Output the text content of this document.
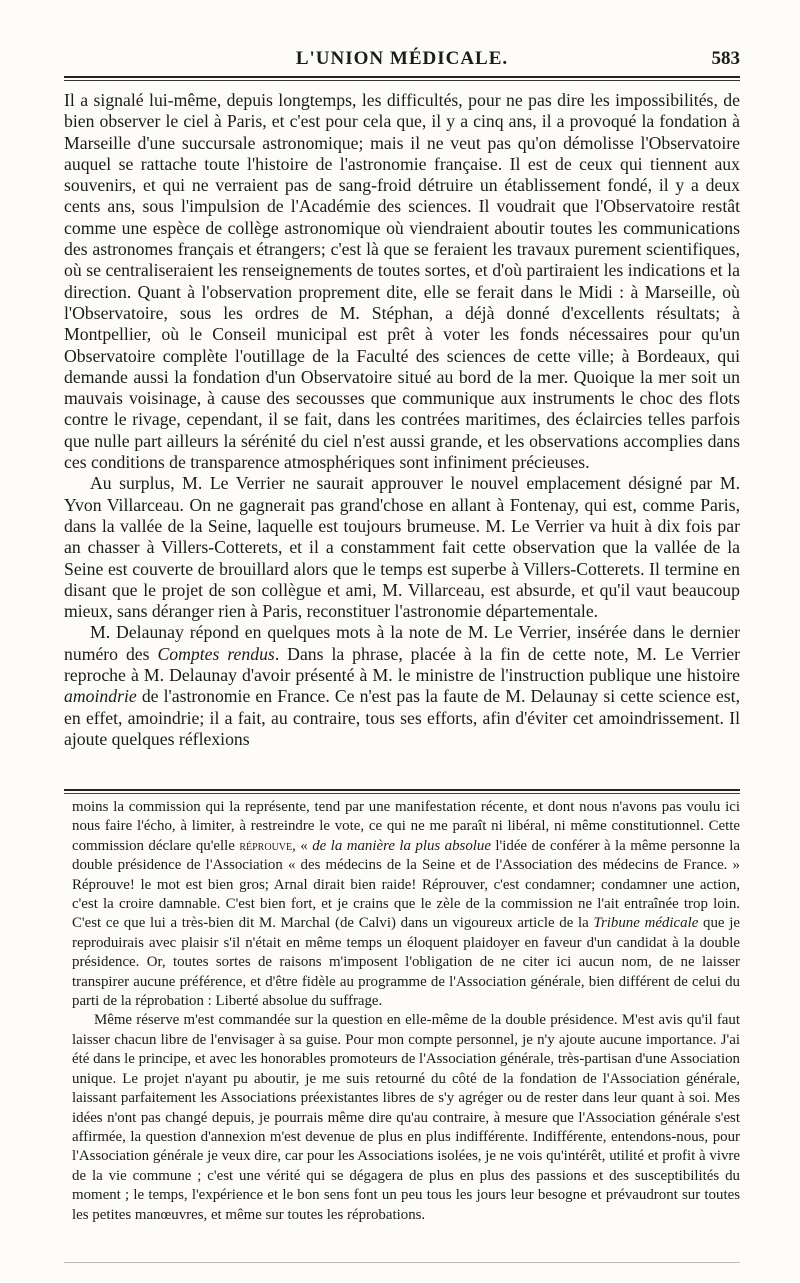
L'UNION MÉDICALE.	583

Il a signalé lui-même, depuis longtemps, les difficultés, pour ne pas dire les impossibilités, de bien observer le ciel à Paris, et c'est pour cela que, il y a cinq ans, il a provoqué la fondation à Marseille d'une succursale astronomique; mais il ne veut pas qu'on démolisse l'Observatoire auquel se rattache toute l'histoire de l'astronomie française. Il est de ceux qui tiennent aux souvenirs, et qui ne verraient pas de sang-froid détruire un établissement fondé, il y a deux cents ans, sous l'impulsion de l'Académie des sciences. Il voudrait que l'Observatoire restât comme une espèce de collège astronomique où viendraient aboutir toutes les communications des astronomes français et étrangers; c'est là que se feraient les travaux purement scientifiques, où se centraliseraient les renseignements de toutes sortes, et d'où partiraient les indications et la direction. Quant à l'observation proprement dite, elle se ferait dans le Midi : à Marseille, où l'Observatoire, sous les ordres de M. Stéphan, a déjà donné d'excellents résultats; à Montpellier, où le Conseil municipal est prêt à voter les fonds nécessaires pour qu'un Observatoire complète l'outillage de la Faculté des sciences de cette ville; à Bordeaux, qui demande aussi la fondation d'un Observatoire situé au bord de la mer. Quoique la mer soit un mauvais voisinage, à cause des secousses que communique aux instruments le choc des flots contre le rivage, cependant, il se fait, dans les contrées maritimes, des éclaircies telles parfois que nulle part ailleurs la sérénité du ciel n'est aussi grande, et les observations accomplies dans ces conditions de transparence atmosphériques sont infiniment précieuses.

Au surplus, M. Le Verrier ne saurait approuver le nouvel emplacement désigné par M. Yvon Villarceau. On ne gagnerait pas grand'chose en allant à Fontenay, qui est, comme Paris, dans la vallée de la Seine, laquelle est toujours brumeuse. M. Le Verrier va huit à dix fois par an chasser à Villers-Cotterets, et il a constamment fait cette observation que la vallée de la Seine est couverte de brouillard alors que le temps est superbe à Villers-Cotterets. Il termine en disant que le projet de son collègue et ami, M. Villarceau, est absurde, et qu'il vaut beaucoup mieux, sans déranger rien à Paris, reconstituer l'astronomie départementale.

M. Delaunay répond en quelques mots à la note de M. Le Verrier, insérée dans le dernier numéro des Comptes rendus. Dans la phrase, placée à la fin de cette note, M. Le Verrier reproche à M. Delaunay d'avoir présenté à M. le ministre de l'instruction publique une histoire amoindrie de l'astronomie en France. Ce n'est pas la faute de M. Delaunay si cette science est, en effet, amoindrie; il a fait, au contraire, tous ses efforts, afin d'éviter cet amoindrissement. Il ajoute quelques réflexions

moins la commission qui la représente, tend par une manifestation récente, et dont nous n'avons pas voulu ici nous faire l'écho, à limiter, à restreindre le vote, ce qui ne me paraît ni libéral, ni même constitutionnel. Cette commission déclare qu'elle réprouve, « de la manière la plus absolue l'idée de conférer à la même personne la double présidence de l'Association « des médecins de la Seine et de l'Association des médecins de France. » Réprouve! le mot est bien gros; Arnal dirait bien raide! Réprouver, c'est condamner; condamner une action, c'est la croire damnable. C'est bien fort, et je crains que le zèle de la commission ne l'ait entraînée trop loin. C'est ce que lui a très-bien dit M. Marchal (de Calvi) dans un vigoureux article de la Tribune médicale que je reproduirais avec plaisir s'il n'était en même temps un éloquent plaidoyer en faveur d'un candidat à la double présidence. Or, toutes sortes de raisons m'imposent l'obligation de ne citer ici aucun nom, de ne laisser transpirer aucune préférence, et d'être fidèle au programme de l'Association générale, bien différent de celui du parti de la réprobation : Liberté absolue du suffrage.

Même réserve m'est commandée sur la question en elle-même de la double présidence. M'est avis qu'il faut laisser chacun libre de l'envisager à sa guise. Pour mon compte personnel, je n'y ajoute aucune importance. J'ai été dans le principe, et avec les honorables promoteurs de l'Association générale, très-partisan d'une Association unique. Le projet n'ayant pu aboutir, je me suis retourné du côté de la fondation de l'Association générale, laissant parfaitement les Associations préexistantes libres de s'y agréger ou de rester dans leur quant à soi. Mes idées n'ont pas changé depuis, je pourrais même dire qu'au contraire, à mesure que l'Association générale s'est affirmée, la question d'annexion m'est devenue de plus en plus indifférente. Indifférente, entendons-nous, pour l'Association générale je veux dire, car pour les Associations isolées, je ne vois qu'intérêt, utilité et profit à vivre de la vie commune ; c'est une vérité qui se dégagera de plus en plus des passions et des susceptibilités du moment ; le temps, l'expérience et le bon sens font un peu tous les jours leur besogne et prévaudront sur toutes les petites manœuvres, et même sur toutes les réprobations.
